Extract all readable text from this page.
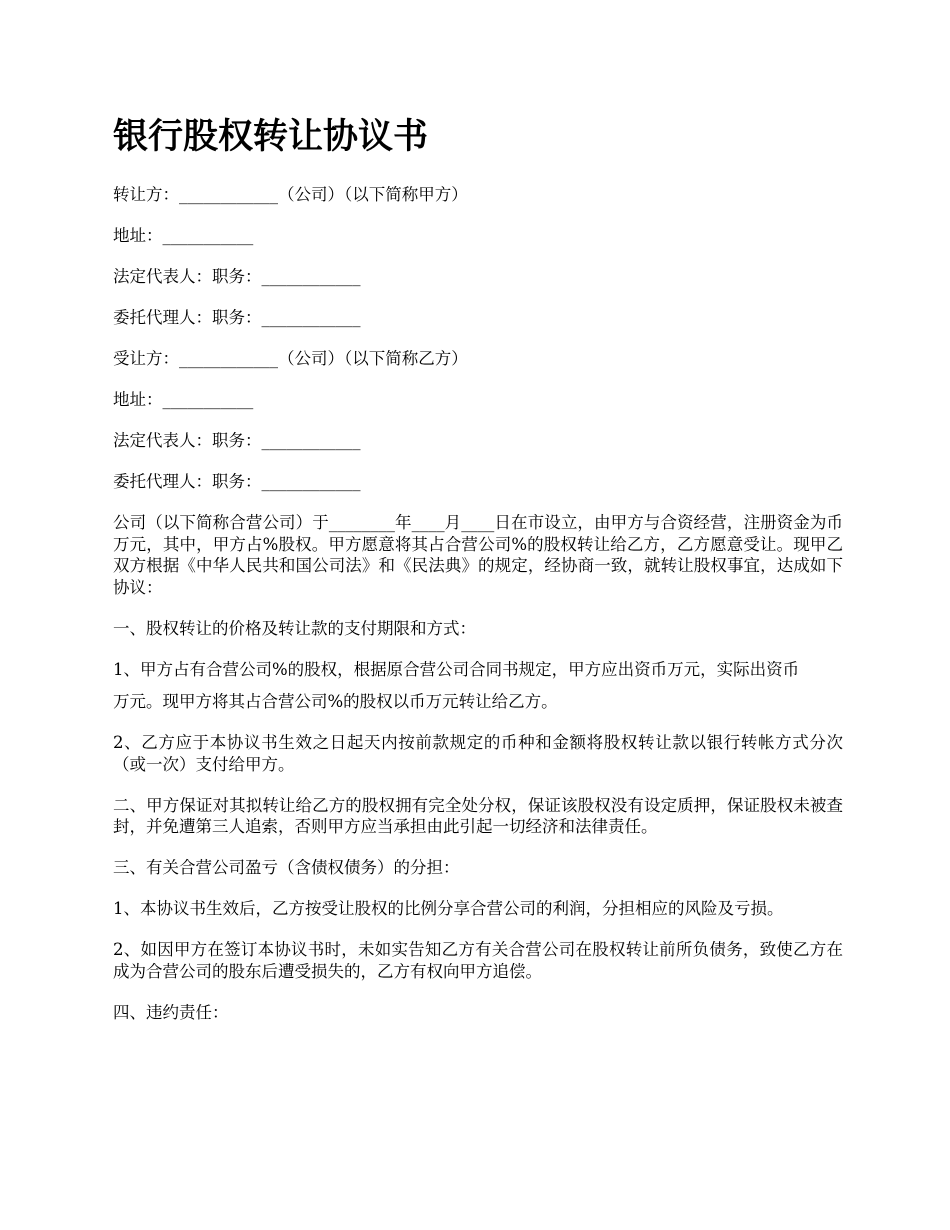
银行股权转让协议书

转让方：____________（公司）（以下简称甲方）

地址：___________

法定代表人：职务：____________

委托代理人：职务：____________

受让方：____________（公司）（以下简称乙方）

地址：___________

法定代表人：职务：____________

委托代理人：职务：____________

公司（以下简称合营公司）于________年____月____日在市设立，由甲方与合资经营，注册资金为币万元，其中，甲方占%股权。甲方愿意将其占合营公司%的股权转让给乙方，乙方愿意受让。现甲乙双方根据《中华人民共和国公司法》和《民法典》的规定，经协商一致，就转让股权事宜，达成如下协议：

一、股权转让的价格及转让款的支付期限和方式：

1、甲方占有合营公司%的股权，根据原合营公司合同书规定，甲方应出资币万元，实际出资币

万元。现甲方将其占合营公司%的股权以币万元转让给乙方。

2、乙方应于本协议书生效之日起天内按前款规定的币种和金额将股权转让款以银行转帐方式分次（或一次）支付给甲方。

二、甲方保证对其拟转让给乙方的股权拥有完全处分权，保证该股权没有设定质押，保证股权未被查封，并免遭第三人追索，否则甲方应当承担由此引起一切经济和法律责任。

三、有关合营公司盈亏（含债权债务）的分担：

1、本协议书生效后，乙方按受让股权的比例分享合营公司的利润，分担相应的风险及亏损。

2、如因甲方在签订本协议书时，未如实告知乙方有关合营公司在股权转让前所负债务，致使乙方在成为合营公司的股东后遭受损失的，乙方有权向甲方追偿。

四、违约责任：
